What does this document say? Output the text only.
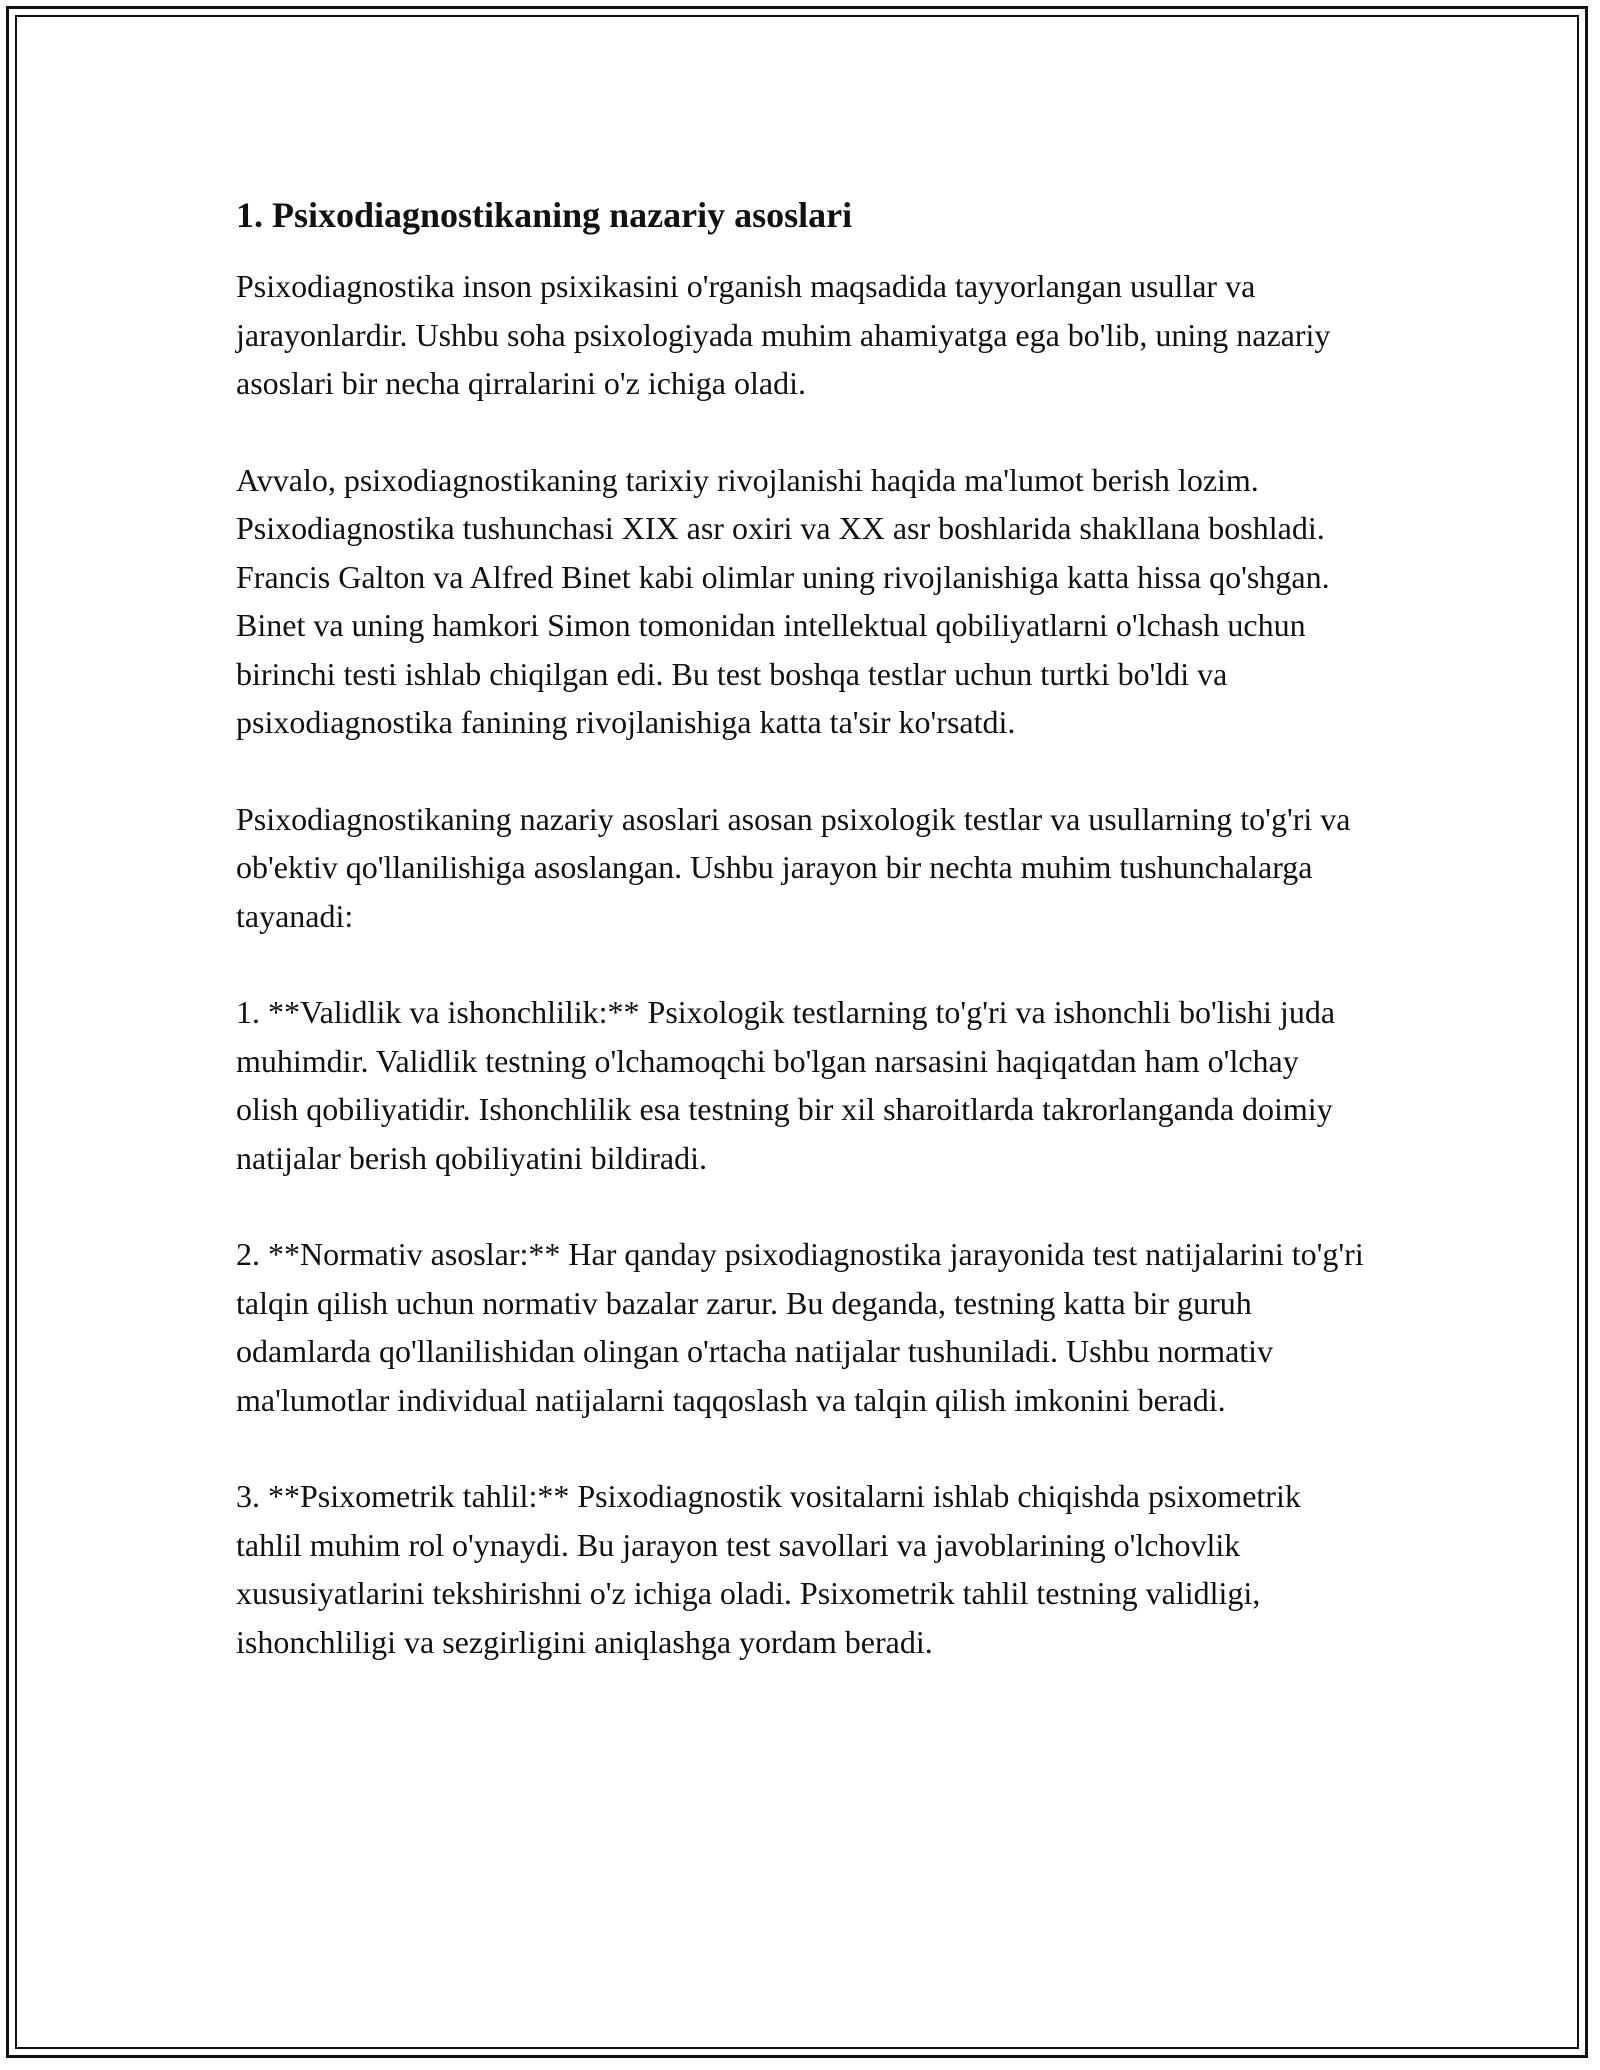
1. Psixodiagnostikaning nazariy asoslari

Psixodiagnostika inson psixikasini o'rganish maqsadida tayyorlangan usullar va jarayonlardir. Ushbu soha psixologiyada muhim ahamiyatga ega bo'lib, uning nazariy asoslari bir necha qirralarini o'z ichiga oladi.

Avvalo, psixodiagnostikaning tarixiy rivojlanishi haqida ma'lumot berish lozim. Psixodiagnostika tushunchasi XIX asr oxiri va XX asr boshlarida shakllana boshladi. Francis Galton va Alfred Binet kabi olimlar uning rivojlanishiga katta hissa qo'shgan. Binet va uning hamkori Simon tomonidan intellektual qobiliyatlarni o'lchash uchun birinchi testi ishlab chiqilgan edi. Bu test boshqa testlar uchun turtki bo'ldi va psixodiagnostika fanining rivojlanishiga katta ta'sir ko'rsatdi.

Psixodiagnostikaning nazariy asoslari asosan psixologik testlar va usullarning to'g'ri va ob'ektiv qo'llanilishiga asoslangan. Ushbu jarayon bir nechta muhim tushunchalarga tayanadi:

1. **Validlik va ishonchlilik:** Psixologik testlarning to'g'ri va ishonchli bo'lishi juda muhimdir. Validlik testning o'lchamoqchi bo'lgan narsasini haqiqatdan ham o'lchay olish qobiliyatidir. Ishonchlilik esa testning bir xil sharoitlarda takrorlanganda doimiy natijalar berish qobiliyatini bildiradi.

2. **Normativ asoslar:** Har qanday psixodiagnostika jarayonida test natijalarini to'g'ri talqin qilish uchun normativ bazalar zarur. Bu deganda, testning katta bir guruh odamlarda qo'llanilishidan olingan o'rtacha natijalar tushuniladi. Ushbu normativ ma'lumotlar individual natijalarni taqqoslash va talqin qilish imkonini beradi.

3. **Psixometrik tahlil:** Psixodiagnostik vositalarni ishlab chiqishda psixometrik tahlil muhim rol o'ynaydi. Bu jarayon test savollari va javoblarining o'lchovlik xususiyatlarini tekshirishni o'z ichiga oladi. Psixometrik tahlil testning validligi, ishonchliligi va sezgirligini aniqlashga yordam beradi.
